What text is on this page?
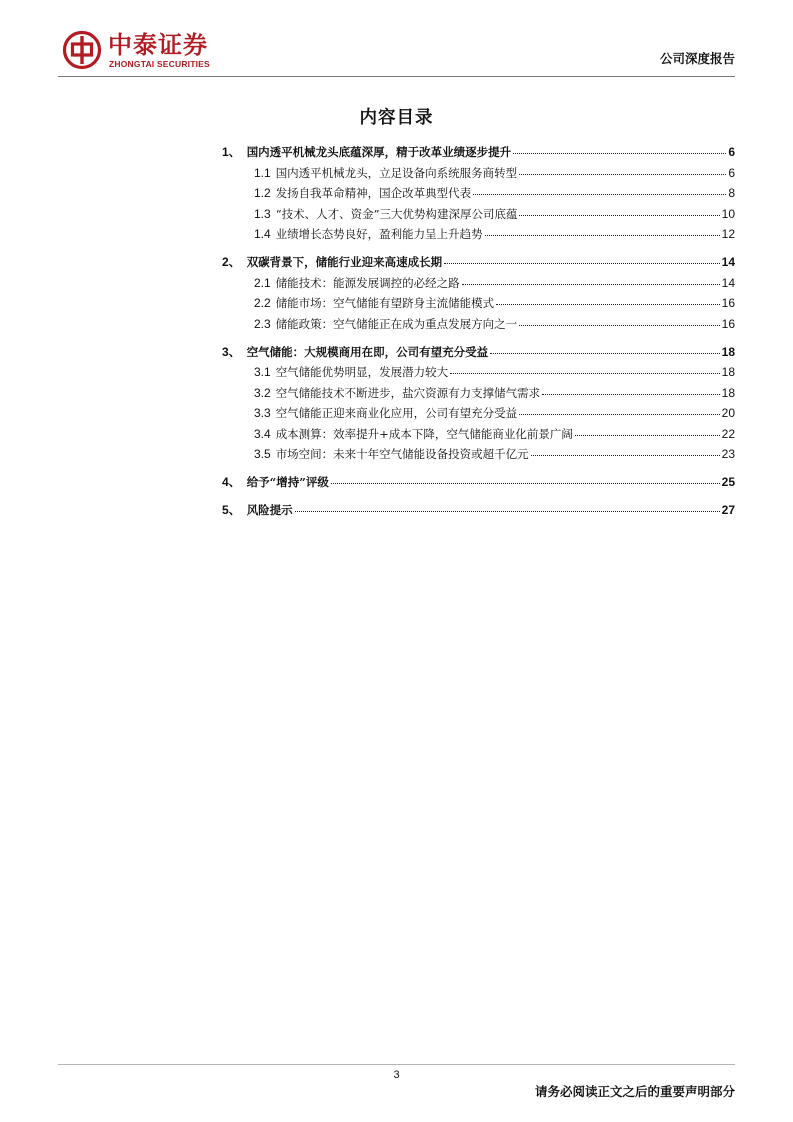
中泰证券
ZHONGTAI SECURITIES	公司深度报告
内容目录
1、 国内透平机械龙头底蕴深厚，精于改革业绩逐步提升	6
1.1 国内透平机械龙头，立足设备向系统服务商转型	6
1.2 发扬自我革命精神，国企改革典型代表	8
1.3 “技术、人才、资金”三大优势构建深厚公司底蕴	10
1.4 业绩增长态势良好，盈利能力呈上升趋势	12
2、 双碳背景下，储能行业迎来高速成长期	14
2.1 储能技术：能源发展调控的必经之路	14
2.2 储能市场：空气储能有望跻身主流储能模式	16
2.3 储能政策：空气储能正在成为重点发展方向之一	16
3、 空气储能：大规模商用在即，公司有望充分受益	18
3.1 空气储能优势明显，发展潜力较大	18
3.2 空气储能技术不断进步，盐穴资源有力支撑储气需求	18
3.3 空气储能正迎来商业化应用，公司有望充分受益	20
3.4 成本测算：效率提升+成本下降，空气储能商业化前景广阔	22
3.5 市场空间：未来十年空气储能设备投资或超千亿元	23
4、 给予“增持”评级	25
5、 风险提示	27
3
请务必阅读正文之后的重要声明部分
